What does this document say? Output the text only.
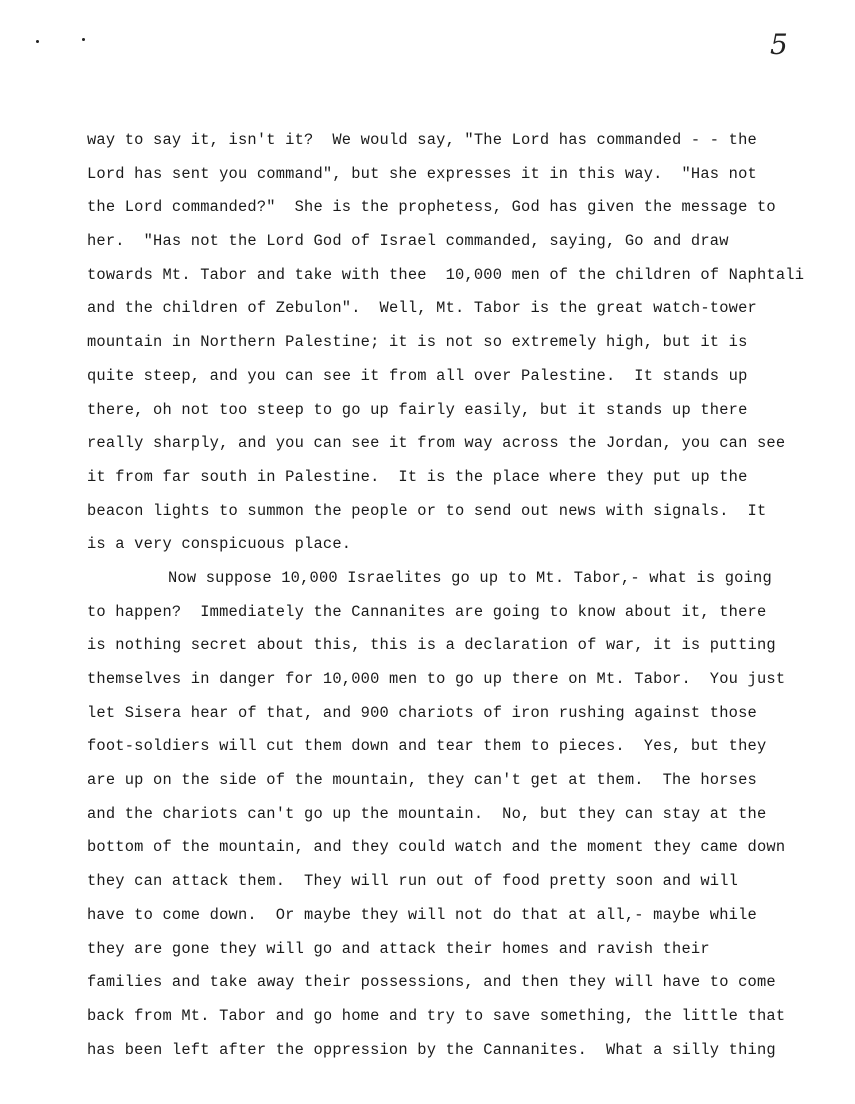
5
way to say it, isn't it?  We would say, "The Lord has commanded - - the
Lord has sent you command", but she expresses it in this way.  "Has not
the Lord commanded?"  She is the prophetess, God has given the message to
her.  "Has not the Lord God of Israel commanded, saying, Go and draw
towards Mt. Tabor and take with thee  10,000 men of the children of Naphtali
and the children of Zebulon".  Well, Mt. Tabor is the great watch-tower
mountain in Northern Palestine; it is not so extremely high, but it is
quite steep, and you can see it from all over Palestine.  It stands up
there, oh not too steep to go up fairly easily, but it stands up there
really sharply, and you can see it from way across the Jordan, you can see
it from far south in Palestine.  It is the place where they put up the
beacon lights to summon the people or to send out news with signals.  It
is a very conspicuous place.
Now suppose 10,000 Israelites go up to Mt. Tabor,- what is going
to happen?  Immediately the Cannanites are going to know about it, there
is nothing secret about this, this is a declaration of war, it is putting
themselves in danger for 10,000 men to go up there on Mt. Tabor.  You just
let Sisera hear of that, and 900 chariots of iron rushing against those
foot-soldiers will cut them down and tear them to pieces.  Yes, but they
are up on the side of the mountain, they can't get at them.  The horses
and the chariots can't go up the mountain.  No, but they can stay at the
bottom of the mountain, and they could watch and the moment they came down
they can attack them.  They will run out of food pretty soon and will
have to come down.  Or maybe they will not do that at all,- maybe while
they are gone they will go and attack their homes and ravish their
families and take away their possessions, and then they will have to come
back from Mt. Tabor and go home and try to save something, the little that
has been left after the oppression by the Cannanites.  What a silly thing
